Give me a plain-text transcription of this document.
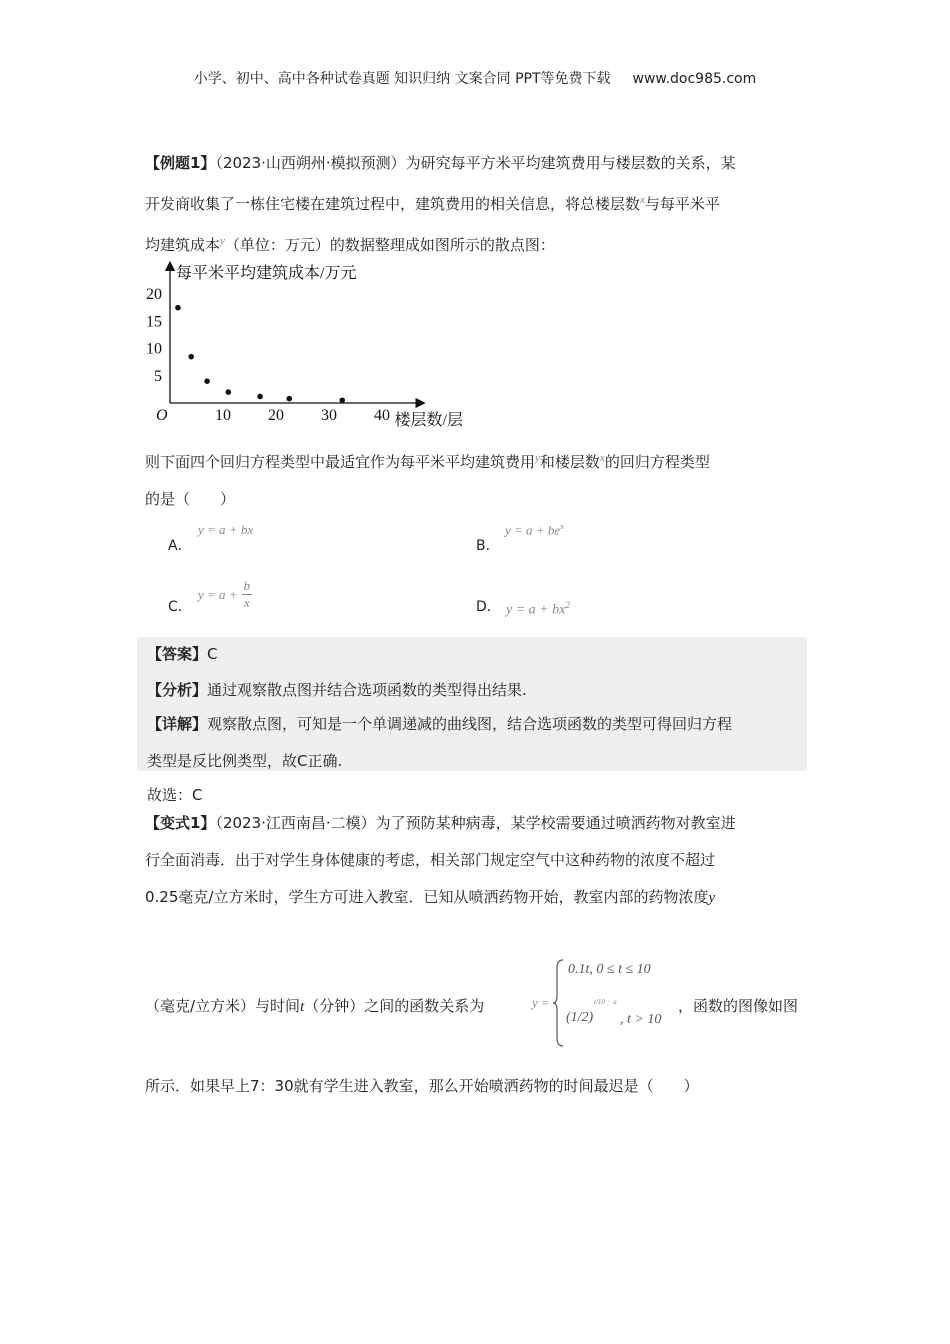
小学、初中、高中各种试卷真题 知识归纳 文案合同 PPT等免费下载 www.doc985.com

【例题1】（2023·山西朔州·模拟预测）为研究每平方米平均建筑费用与楼层数的关系，某

开发商收集了一栋住宅楼在建筑过程中，建筑费用的相关信息，将总楼层数$^x$与每平米平

均建筑成本$^y$（单位：万元）的数据整理成如图所示的散点图：

每平米平均建筑成本/万元
楼层数/层
O	10 20 30 40
5
10
15
20

则下面四个回归方程类型中最适宜作为每平米平均建筑费用$^y$和楼层数$^x$的回归方程类型

的是（　　）

A．
y = a + bx
B．
$y = a + be^x$
C．
$y = a + \frac{b}{x}$	D． $y = a + bx^2$
【答案】C
【分析】通过观察散点图并结合选项函数的类型得出结果.
【详解】观察散点图，可知是一个单调递减的曲线图，结合选项函数的类型可得回归方程
类型是反比例类型，故C正确.
故选：C

【变式1】（2023·江西南昌·二模）为了预防某种病毒，某学校需要通过喷洒药物对教室进

行全面消毒．出于对学生身体健康的考虑，相关部门规定空气中这种药物的浓度不超过

0.25毫克/立方米时，学生方可进入教室．已知从喷洒药物开始，教室内部的药物浓度y

（毫克/立方米）与时间t（分钟）之间的函数关系为	y =
0.1t, 0 ≤ t ≤ 10
(1/2)
t/10 − a
, t > 10
，函数的图像如图

所示．如果早上7：30就有学生进入教室，那么开始喷洒药物的时间最迟是（　　）
